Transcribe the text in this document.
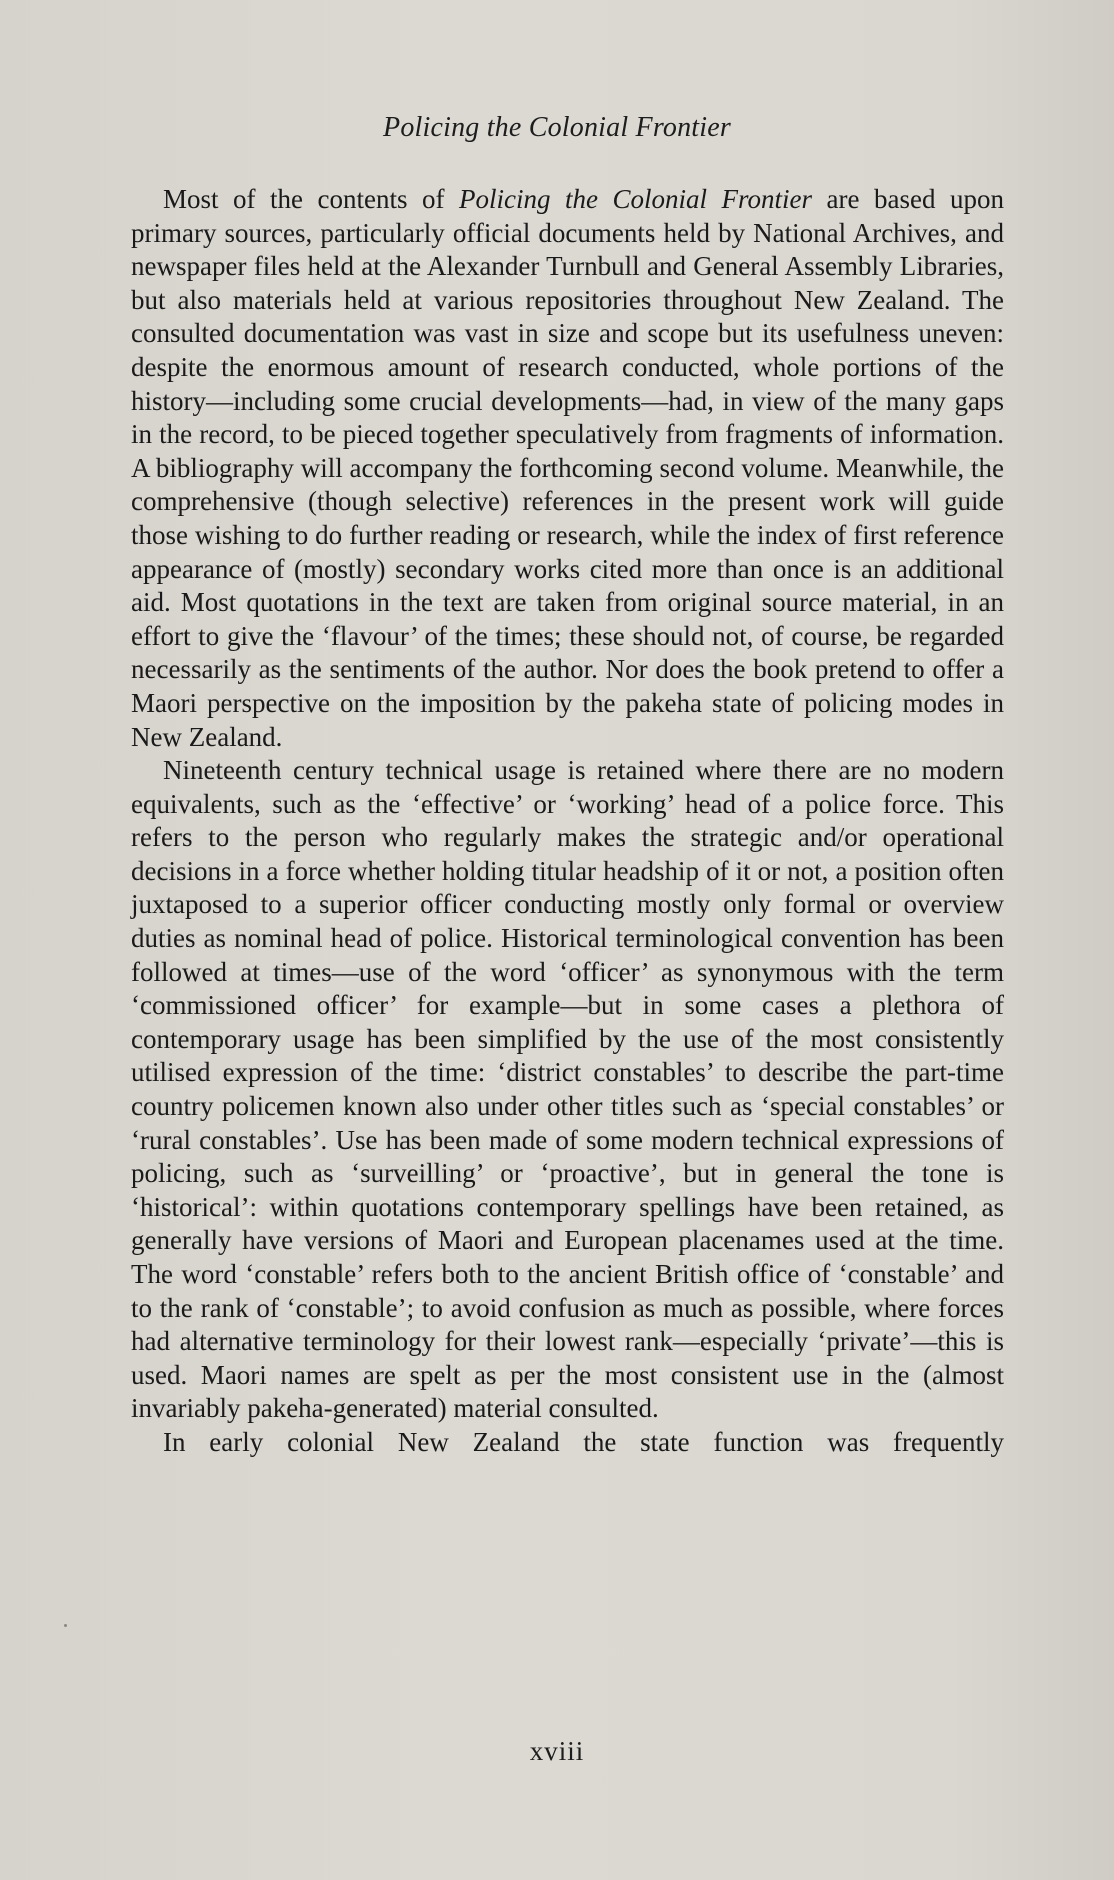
Policing the Colonial Frontier

Most of the contents of Policing the Colonial Frontier are based upon primary sources, particularly official documents held by National Archives, and newspaper files held at the Alexander Turnbull and General Assembly Libraries, but also materials held at various repositories throughout New Zealand. The consulted documentation was vast in size and scope but its usefulness uneven: despite the enormous amount of research conducted, whole portions of the history—including some crucial developments—had, in view of the many gaps in the record, to be pieced together speculatively from fragments of information. A bibliography will accompany the forthcoming second volume. Meanwhile, the comprehensive (though selective) references in the present work will guide those wishing to do further reading or research, while the index of first reference appearance of (mostly) secondary works cited more than once is an additional aid. Most quotations in the text are taken from original source material, in an effort to give the ‘flavour’ of the times; these should not, of course, be regarded necessarily as the sentiments of the author. Nor does the book pretend to offer a Maori perspective on the imposition by the pakeha state of policing modes in New Zealand.

Nineteenth century technical usage is retained where there are no modern equivalents, such as the ‘effective’ or ‘working’ head of a police force. This refers to the person who regularly makes the strategic and/or operational decisions in a force whether holding titular headship of it or not, a position often juxtaposed to a superior officer conducting mostly only formal or overview duties as nominal head of police. Historical terminological convention has been followed at times—use of the word ‘officer’ as synonymous with the term ‘commissioned officer’ for example—but in some cases a plethora of contemporary usage has been simplified by the use of the most consistently utilised expression of the time: ‘district constables’ to describe the part-time country policemen known also under other titles such as ‘special constables’ or ‘rural constables’. Use has been made of some modern technical expressions of policing, such as ‘surveilling’ or ‘proactive’, but in general the tone is ‘historical’: within quotations contemporary spellings have been retained, as generally have versions of Maori and European placenames used at the time. The word ‘constable’ refers both to the ancient British office of ‘constable’ and to the rank of ‘constable’; to avoid confusion as much as possible, where forces had alternative terminology for their lowest rank—especially ‘private’—this is used. Maori names are spelt as per the most consistent use in the (almost invariably pakeha-generated) material consulted.

In early colonial New Zealand the state function was frequently

xviii
